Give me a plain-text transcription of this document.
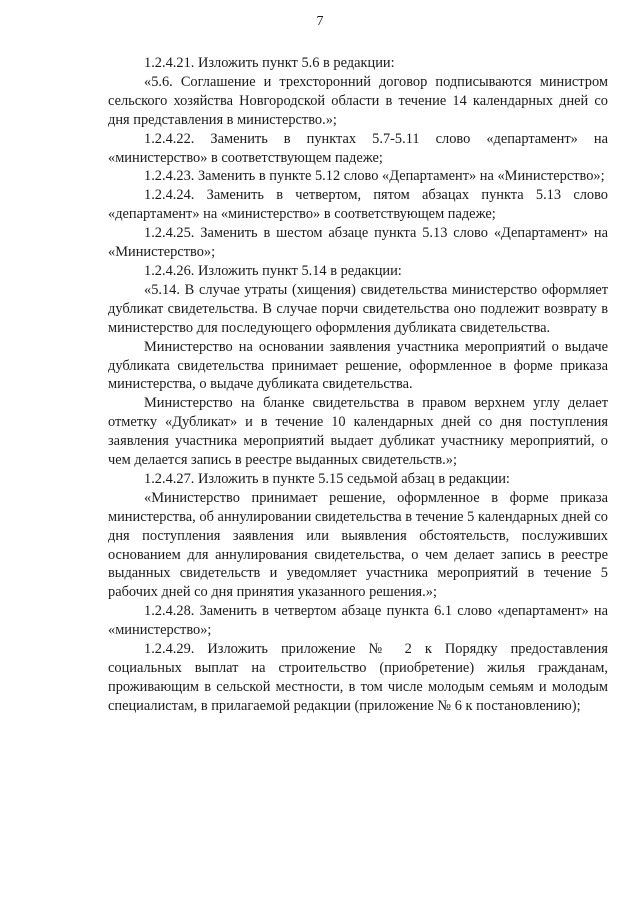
7

1.2.4.21. Изложить пункт 5.6 в редакции:

«5.6. Соглашение и трехсторонний договор подписываются министром сельского хозяйства Новгородской области в течение 14 календарных дней со дня представления в министерство.»;

1.2.4.22. Заменить в пунктах 5.7-5.11 слово «департамент» на «министерство» в соответствующем падеже;

1.2.4.23. Заменить в пункте 5.12 слово «Департамент» на «Министерство»;

1.2.4.24. Заменить в четвертом, пятом абзацах пункта 5.13 слово «департамент» на «министерство» в соответствующем падеже;

1.2.4.25. Заменить в шестом абзаце пункта 5.13 слово «Департамент» на «Министерство»;

1.2.4.26. Изложить пункт 5.14 в редакции:

«5.14. В случае утраты (хищения) свидетельства министерство оформляет дубликат свидетельства. В случае порчи свидетельства оно подлежит возврату в министерство для последующего оформления дубликата свидетельства.

Министерство на основании заявления участника мероприятий о выдаче дубликата свидетельства принимает решение, оформленное в форме приказа министерства, о выдаче дубликата свидетельства.

Министерство на бланке свидетельства в правом верхнем углу делает отметку «Дубликат» и в течение 10 календарных дней со дня поступления заявления участника мероприятий выдает дубликат участнику мероприятий, о чем делается запись в реестре выданных свидетельств.»;

1.2.4.27. Изложить в пункте 5.15 седьмой абзац в редакции:

«Министерство принимает решение, оформленное в форме приказа министерства, об аннулировании свидетельства в течение 5 календарных дней со дня поступления заявления или выявления обстоятельств, послуживших основанием для аннулирования свидетельства, о чем делает запись в реестре выданных свидетельств и уведомляет участника мероприятий в течение 5 рабочих дней со дня принятия указанного решения.»;

1.2.4.28. Заменить в четвертом абзаце пункта 6.1 слово «департамент» на «министерство»;

1.2.4.29. Изложить приложение № 2 к Порядку предоставления социальных выплат на строительство (приобретение) жилья гражданам, проживающим в сельской местности, в том числе молодым семьям и молодым специалистам, в прилагаемой редакции (приложение № 6 к постановлению);
